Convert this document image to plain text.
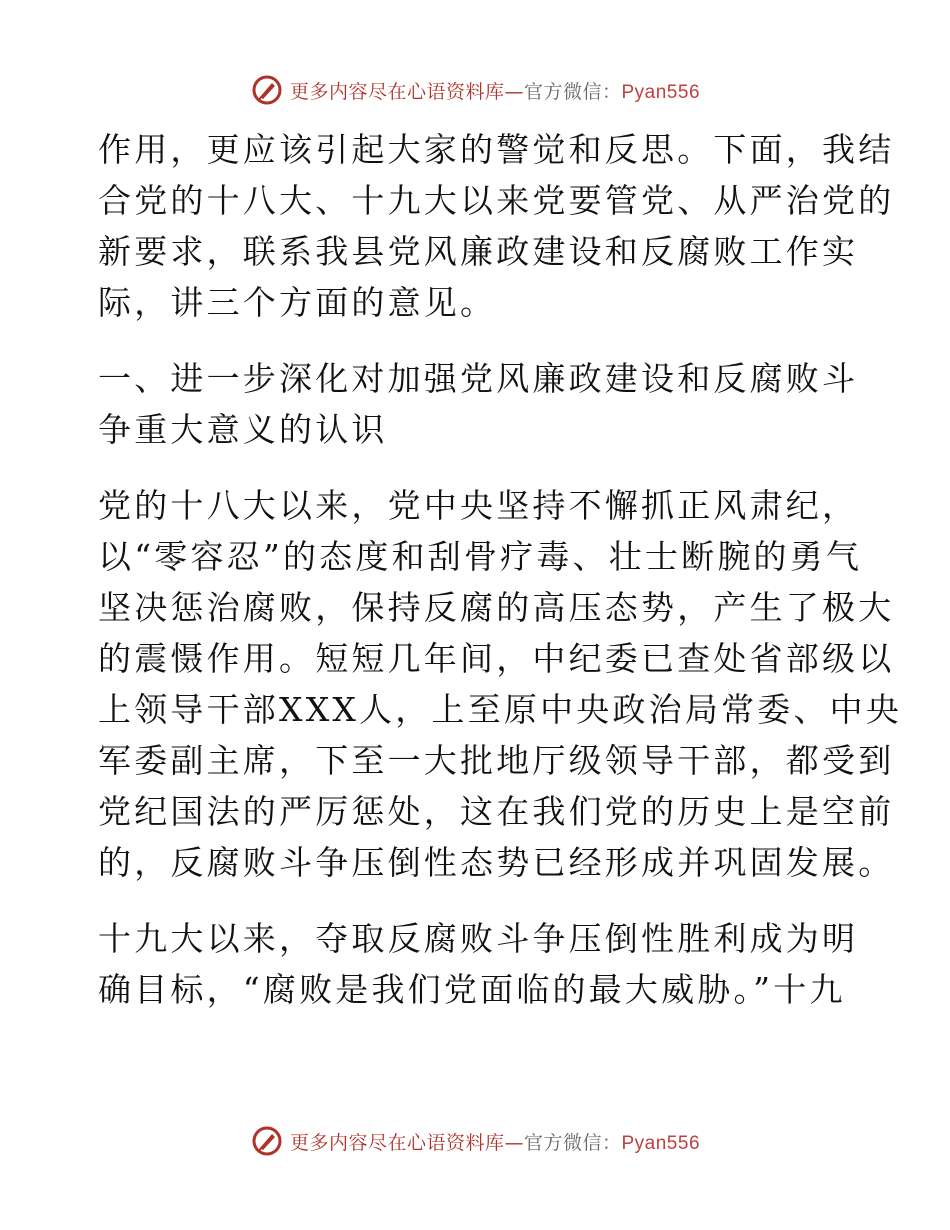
更多内容尽在心语资料库—官方微信：Pyan556

作用，更应该引起大家的警觉和反思。下面，我结
合党的十八大、十九大以来党要管党、从严治党的
新要求，联系我县党风廉政建设和反腐败工作实
际，讲三个方面的意见。

一、进一步深化对加强党风廉政建设和反腐败斗
争重大意义的认识

党的十八大以来，党中央坚持不懈抓正风肃纪，
以“零容忍”的态度和刮骨疗毒、壮士断腕的勇气
坚决惩治腐败，保持反腐的高压态势，产生了极大
的震慑作用。短短几年间，中纪委已查处省部级以
上领导干部XXX人，上至原中央政治局常委、中央
军委副主席，下至一大批地厅级领导干部，都受到
党纪国法的严厉惩处，这在我们党的历史上是空前
的，反腐败斗争压倒性态势已经形成并巩固发展。

十九大以来，夺取反腐败斗争压倒性胜利成为明
确目标，“腐败是我们党面临的最大威胁。”十九

更多内容尽在心语资料库—官方微信：Pyan556
